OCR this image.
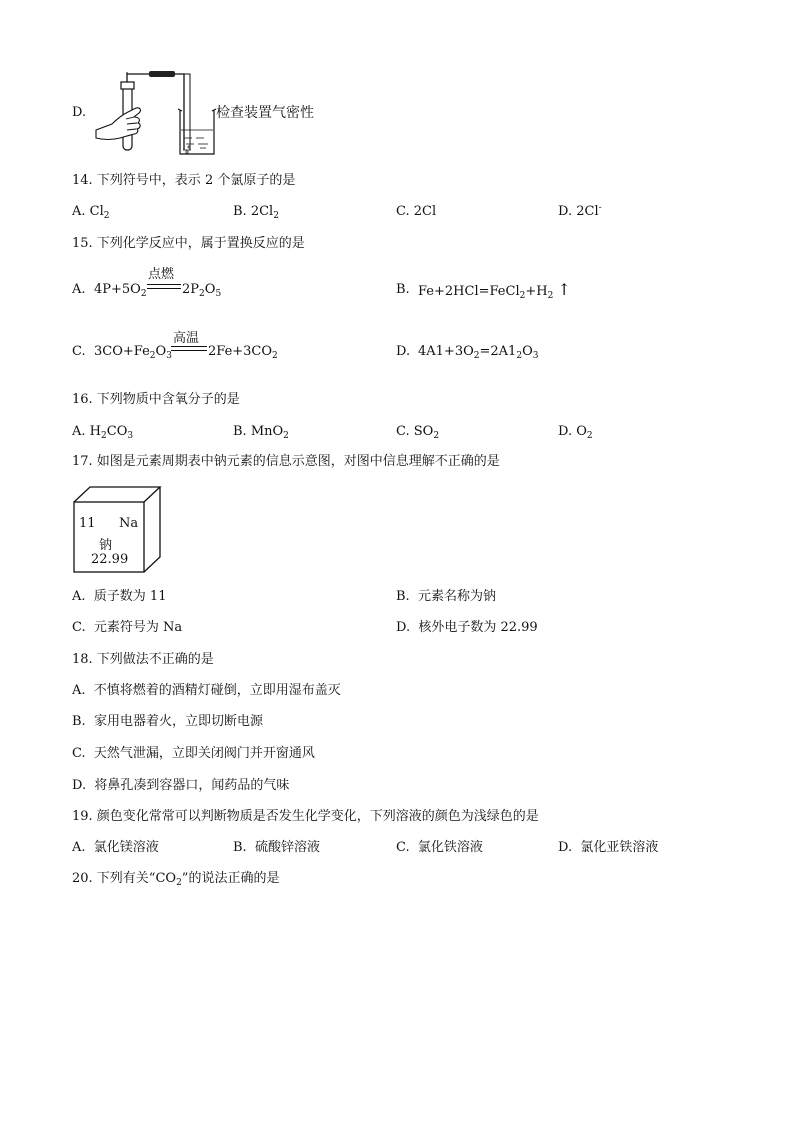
D.	检查装置气密性
14. 下列符号中，表示 2 个氯原子的是
A. $Cl_2$	B. $2Cl_2$	C. 2Cl	D. 2Cl-
15. 下列化学反应中，属于置换反应的是
A. $4P+5O_2$
点燃
$2P_2O_5$	B. $Fe+2HCl=FeCl_2+H_2$ ↑
C. $3CO+Fe_2O_3$
高温
$2Fe+3CO_2$	D. $4A1+3O_2=2A1_2O_3$
16. 下列物质中含氧分子的是
A. $H_2CO_3$	B. MnO$_2$	C. $SO_2$	D. $O_2$
17. 如图是元素周期表中钠元素的信息示意图，对图中信息理解不正确的是
11 Na
钠
22.99
A. 质子数为 11	B. 元素名称为钠
C. 元素符号为 Na	D. 核外电子数为 22.99
18. 下列做法不正确的是
A. 不慎将燃着的酒精灯碰倒，立即用湿布盖灭
B. 家用电器着火，立即切断电源
C. 天然气泄漏，立即关闭阀门并开窗通风
D. 将鼻孔凑到容器口，闻药品的气味
19. 颜色变化常常可以判断物质是否发生化学变化，下列溶液的颜色为浅绿色的是
A. 氯化镁溶液	B. 硫酸锌溶液	C. 氯化铁溶液	D. 氯化亚铁溶液
20. 下列有关“$CO_2$”的说法正确的是
